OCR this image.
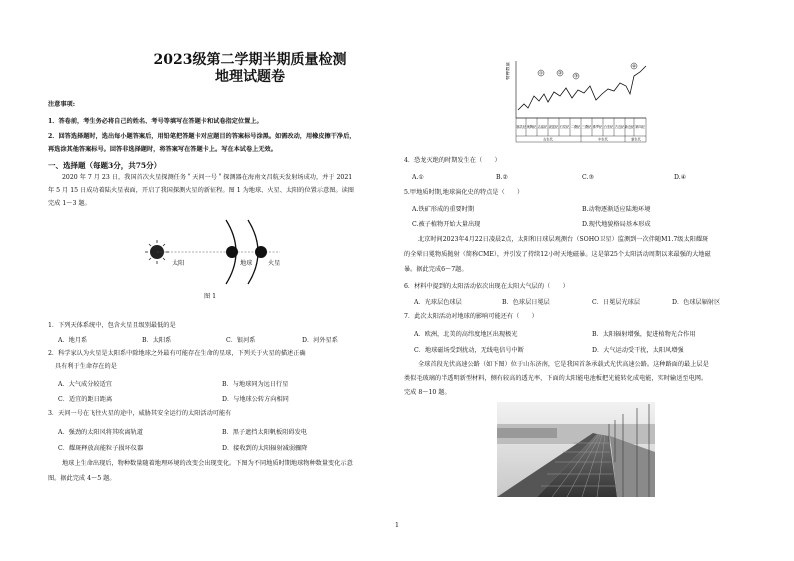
2023级第二学期半期质量检测
地理试题卷
注意事项:
1．答卷前，考生务必将自己的姓名、考号等填写在答题卡和试卷指定位置上。
2．回答选择题时，选出每小题答案后，用铅笔把答题卡对应题目的答案标号涂黑。如需改动，用橡皮擦干净后，
再选涂其他答案标号。回答非选择题时，将答案写在答题卡上。写在本试卷上无效。
一、选择题（每题3分，共75分）
2020 年 7 月 23 日，我国首次火星探测任务＂天问一号＂探测器在海南文昌航天发射场成功，并于 2021
年 5 月 15 日成功着陆火星表面，开启了我国探测火星的新征程。图 1 为地球、火星、太阳的位置示意图。读图
完成 1～3 题。
太阳	地球	火星
图 1
1．下列天体系统中，包含火星且级别最低的是
A．地月系	B．太阳系	C．银河系	D．河外星系
2．科学家认为火星是太阳系中除地球之外最有可能存在生命的星球，下列关于火星的描述正确
具有利于生命存在的是
A．大气成分较适宜	B．与地球同为远日行星
C．适宜的距日距离	D．与地球公转方向相同
3．天问一号在飞往火星的途中，威胁其安全运行的太阳活动可能有
A．强劲的太阳风将其吹离轨道	B．黑子遮挡太阳帆板阻碍发电
C．耀斑释放高能粒子损坏仪器	D．接收到的太阳辐射减弱骤降
地球上生命出现后，物种数量随着地理环境的改变会出现变化。下图为不同地质时期地球物种数量变化示意
图。据此完成 4～5 题。
物种数量	①	②
③
④
寒武纪 奥陶纪 志留纪 泥盆纪 石炭纪 二叠纪 三叠纪 侏罗纪 白垩纪 古近纪 新近纪 第四纪
古生代	中生代	新生代
4．恐龙灭绝的时期发生在（　　）
A.①	B.②	C.③	D.④
5.甲地质时期,地球演化史的特点是（　　）
A.铁矿形成的重要时期	B.动物逐渐适应陆地环境
C.被子植物开始大量出现	D.现代地貌格局基本形成
北京时间2023年4月22日凌晨2点，太阳和日球层观测台（SOHO卫星）监测到一次伴随M1.7级太阳耀斑
的全晕日冕物质抛射（简称CME），并引发了持续12小时天地磁暴。这是第25个太阳活动周期以来最强的大地磁
暴。据此完成6～7题。
6．材料中提到的太阳活动依次出现在太阳大气层的（　　）
A．光球层色球层	B．色球层日冕层	C．日冕层光球层	D．色球层辐射区
7．此次太阳活动对地球的影响可能还有（　　）
A．欧洲，北美的高纬度地区出现极光	B．太阳辐射增强，促进植物光合作用
C．地球磁场受到扰动，无线电信号中断	D．大气运动受干扰，太阳风增强
全球首段光伏高速公路（如下图）位于山东济南，它是我国首条承载式光伏高速公路。这种路面的最上层是
类似毛玻璃的半透明新型材料，侧有较高的透光率，下面的太阳能电池板把光能转化成电能，实时输送至电网。
完成 8～10 题。
1
